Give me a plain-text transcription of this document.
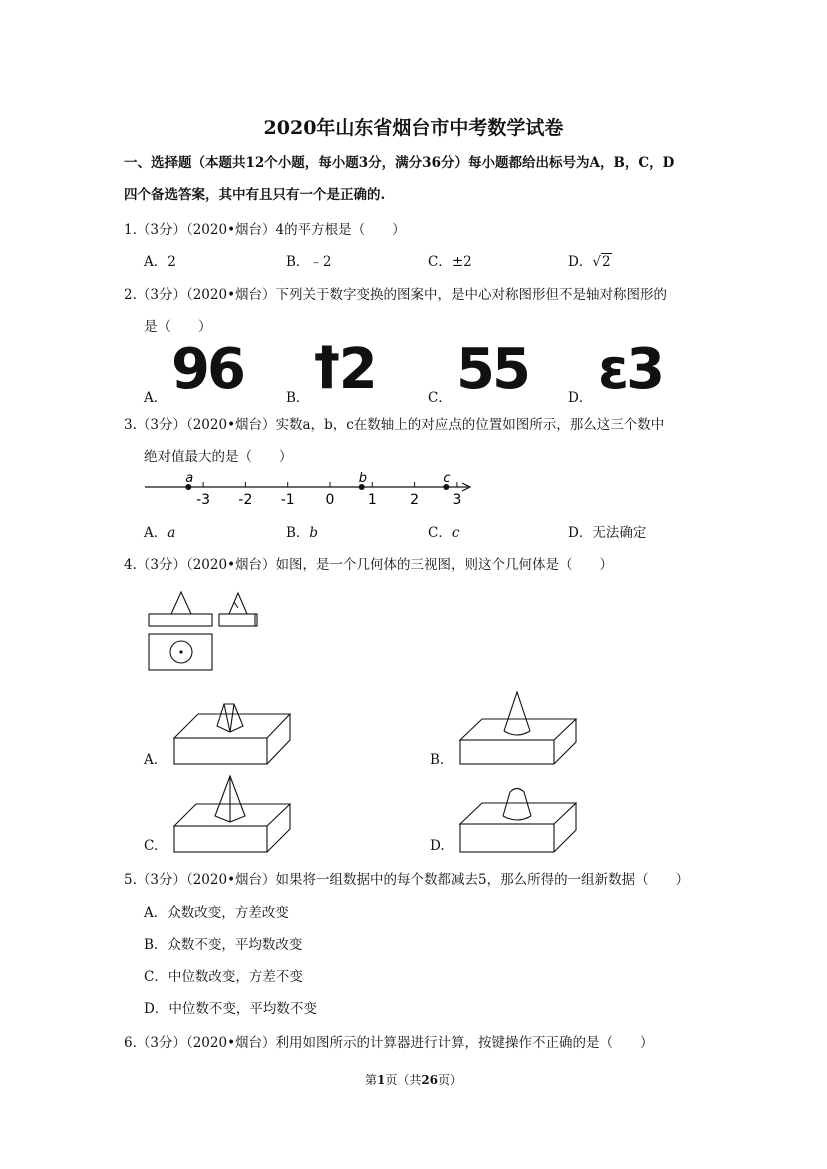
2020年山东省烟台市中考数学试卷
一、选择题（本题共12个小题，每小题3分，满分36分）每小题都给出标号为A，B，C，D
四个备选答案，其中有且只有一个是正确的.
1.（3分）（2020•烟台）4的平方根是（　　）
A．2	B．﹣2	C．±2	D．√2
2.（3分）（2020•烟台）下列关于数字变换的图案中，是中心对称图形但不是轴对称图形的
是（　　）
A． 96	B． ꝉ2	C． 55	D． ɛ3
3.（3分）（2020•烟台）实数a，b，c在数轴上的对应点的位置如图所示，那么这三个数中
绝对值最大的是（　　）
-3 -2 -1 0 1 2 3
a	b	c
A．a	B．b	C．c	D．无法确定
4.（3分）（2020•烟台）如图，是一个几何体的三视图，则这个几何体是（　　）
A.	B.
C.	D.
5.（3分）（2020•烟台）如果将一组数据中的每个数都减去5，那么所得的一组新数据（　　）
A．众数改变，方差改变
B．众数不变，平均数改变
C．中位数改变，方差不变
D．中位数不变，平均数不变
6.（3分）（2020•烟台）利用如图所示的计算器进行计算，按键操作不正确的是（　　）
第1页（共26页）
